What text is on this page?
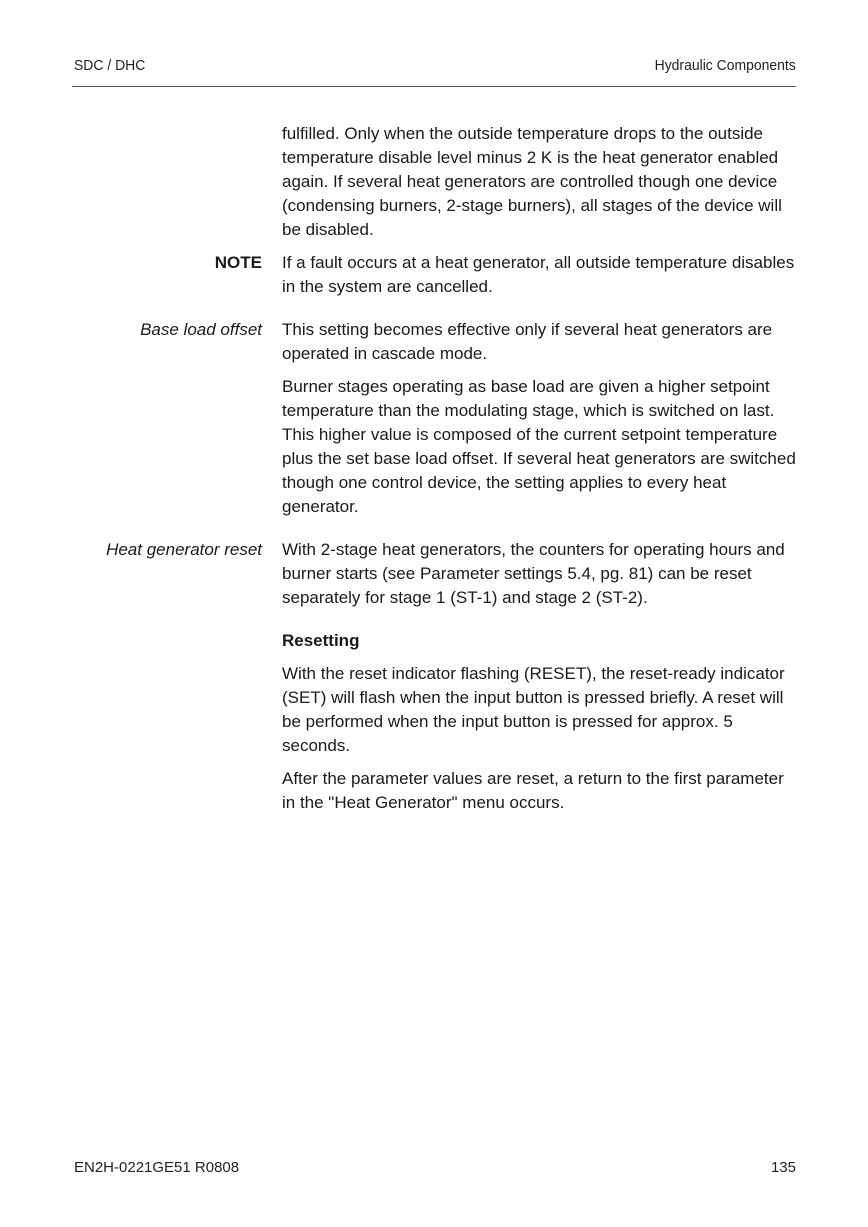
SDC / DHC	Hydraulic Components

fulfilled. Only when the outside temperature drops to the outside temperature disable level minus 2 K is the heat generator enabled again. If several heat generators are controlled though one device (condensing burners, 2-stage burners), all stages of the device will be disabled.

NOTE If a fault occurs at a heat generator, all outside temperature disables in the system are cancelled.

Base load offset This setting becomes effective only if several heat generators are operated in cascade mode.

Burner stages operating as base load are given a higher setpoint temperature than the modulating stage, which is switched on last. This higher value is composed of the current setpoint temperature plus the set base load offset. If several heat generators are switched though one control device, the setting applies to every heat generator.

Heat generator reset With 2-stage heat generators, the counters for operating hours and burner starts (see Parameter settings 5.4, pg. 81) can be reset separately for stage 1 (ST-1) and stage 2 (ST-2).

Resetting

With the reset indicator flashing (RESET), the reset-ready indicator (SET) will flash when the input button is pressed briefly. A reset will be performed when the input button is pressed for approx. 5 seconds.

After the parameter values are reset, a return to the first parameter in the "Heat Generator" menu occurs.

EN2H-0221GE51 R0808	135
